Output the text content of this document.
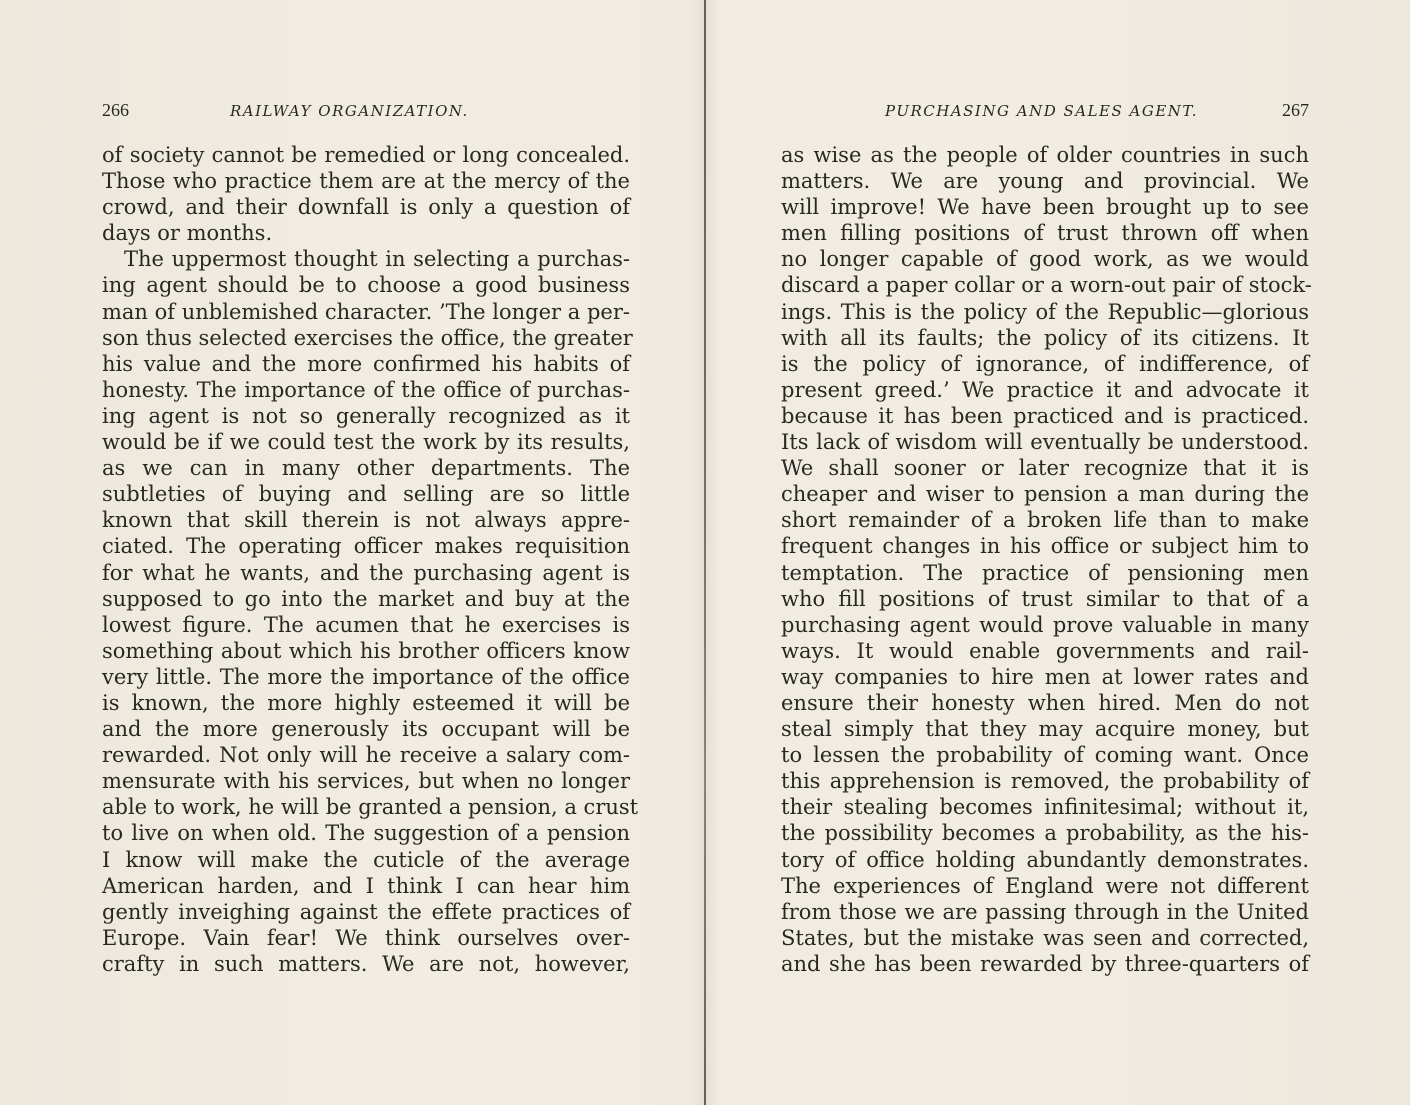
266	RAILWAY ORGANIZATION.
of society cannot be remedied or long concealed.
Those who practice them are at the mercy of the
crowd, and their downfall is only a question of
days or months.
The uppermost thought in selecting a purchas-
ing agent should be to choose a good business
man of unblemished character. ’The longer a per-
son thus selected exercises the office, the greater
his value and the more confirmed his habits of
honesty. The importance of the office of purchas-
ing agent is not so generally recognized as it
would be if we could test the work by its results,
as we can in many other departments. The
subtleties of buying and selling are so little
known that skill therein is not always appre-
ciated. The operating officer makes requisition
for what he wants, and the purchasing agent is
supposed to go into the market and buy at the
lowest figure. The acumen that he exercises is
something about which his brother officers know
very little. The more the importance of the office
is known, the more highly esteemed it will be
and the more generously its occupant will be
rewarded. Not only will he receive a salary com-
mensurate with his services, but when no longer
able to work, he will be granted a pension, a crust
to live on when old. The suggestion of a pension
I know will make the cuticle of the average
American harden, and I think I can hear him
gently inveighing against the effete practices of
Europe. Vain fear! We think ourselves over-
crafty in such matters. We are not, however,
PURCHASING AND SALES AGENT.	267
as wise as the people of older countries in such
matters. We are young and provincial. We
will improve! We have been brought up to see
men filling positions of trust thrown off when
no longer capable of good work, as we would
discard a paper collar or a worn-out pair of stock-
ings. This is the policy of the Republic—glorious
with all its faults; the policy of its citizens. It
is the policy of ignorance, of indifference, of
present greed.’ We practice it and advocate it
because it has been practiced and is practiced.
Its lack of wisdom will eventually be understood.
We shall sooner or later recognize that it is
cheaper and wiser to pension a man during the
short remainder of a broken life than to make
frequent changes in his office or subject him to
temptation. The practice of pensioning men
who fill positions of trust similar to that of a
purchasing agent would prove valuable in many
ways. It would enable governments and rail-
way companies to hire men at lower rates and
ensure their honesty when hired. Men do not
steal simply that they may acquire money, but
to lessen the probability of coming want. Once
this apprehension is removed, the probability of
their stealing becomes infinitesimal; without it,
the possibility becomes a probability, as the his-
tory of office holding abundantly demonstrates.
The experiences of England were not different
from those we are passing through in the United
States, but the mistake was seen and corrected,
and she has been rewarded by three-quarters of
